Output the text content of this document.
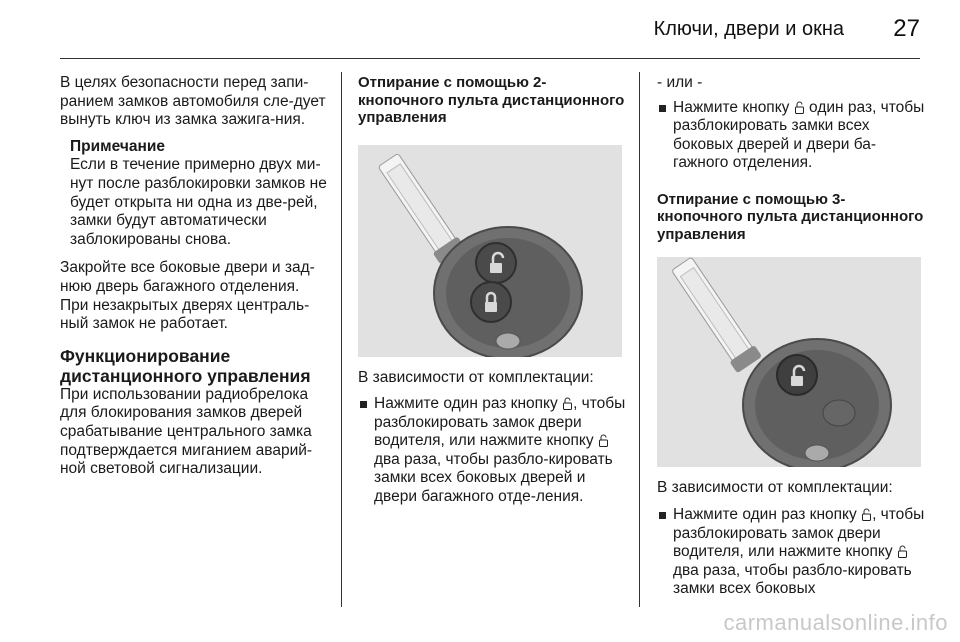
Ключи, двери и окна 27

В целях безопасности перед запи-ранием замков автомобиля сле-дует вынуть ключ из замка зажига-ния.

Примечание
Если в течение примерно двух ми-нут после разблокировки замков не будет открыта ни одна из две-рей, замки будут автоматически заблокированы снова.

Закройте все боковые двери и зад-нюю дверь багажного отделения. При незакрытых дверях централь-ный замок не работает.

Функционирование дистанционного управления

При использовании радиобрелока для блокирования замков дверей срабатывание центрального замка подтверждается миганием аварий-ной световой сигнализации.

Отпирание с помощью 2-кнопочного пульта дистанционного управления

В зависимости от комплектации:

Нажмите один раз кнопку , чтобы разблокировать замок двери водителя, или нажмите кнопку
два раза, чтобы разбло-кировать замки всех боковых дверей и двери багажного отде-ления.

- или -

Нажмите кнопку один раз, чтобы разблокировать замки всех боковых дверей и двери ба-гажного отделения.
Отпирание с помощью 3-кнопочного пульта дистанционного управления

В зависимости от комплектации:

Нажмите один раз кнопку , чтобы разблокировать замок двери водителя, или нажмите кнопку
два раза, чтобы разбло-кировать замки всех боковых
carmanualsonline.info
